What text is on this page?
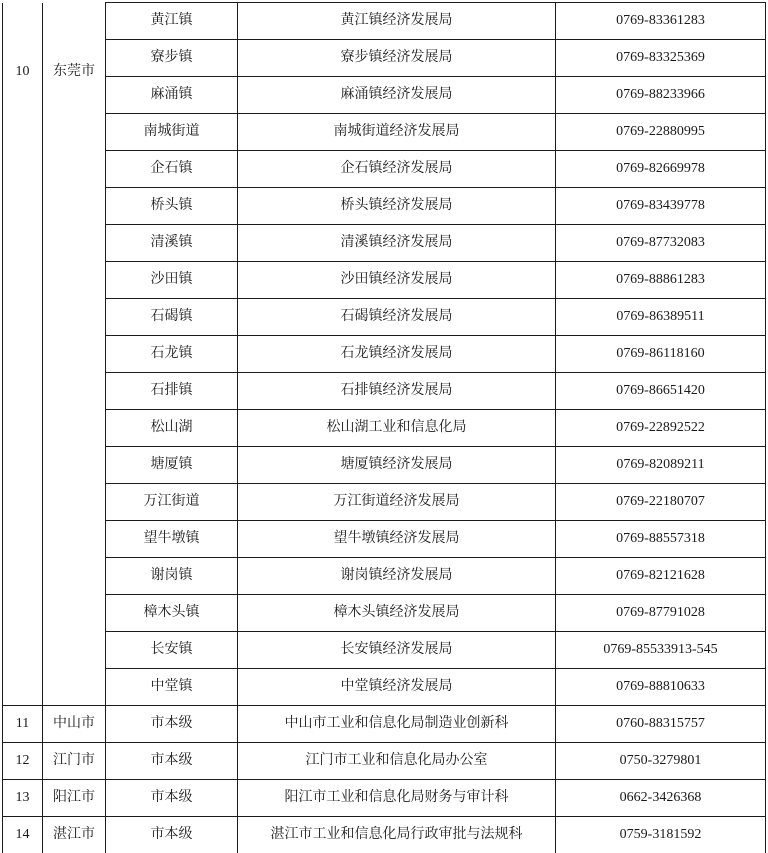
10	东莞市	黄江镇	黄江镇经济发展局	0769-83361283
		寮步镇	寮步镇经济发展局	0769-83325369
		麻涌镇	麻涌镇经济发展局	0769-88233966
		南城街道	南城街道经济发展局	0769-22880995
		企石镇	企石镇经济发展局	0769-82669978
		桥头镇	桥头镇经济发展局	0769-83439778
		清溪镇	清溪镇经济发展局	0769-87732083
		沙田镇	沙田镇经济发展局	0769-88861283
		石碣镇	石碣镇经济发展局	0769-86389511
		石龙镇	石龙镇经济发展局	0769-86118160
		石排镇	石排镇经济发展局	0769-86651420
		松山湖	松山湖工业和信息化局	0769-22892522
		塘厦镇	塘厦镇经济发展局	0769-82089211
		万江街道	万江街道经济发展局	0769-22180707
		望牛墩镇	望牛墩镇经济发展局	0769-88557318
		谢岗镇	谢岗镇经济发展局	0769-82121628
		樟木头镇	樟木头镇经济发展局	0769-87791028
		长安镇	长安镇经济发展局	0769-85533913-545
		中堂镇	中堂镇经济发展局	0769-88810633
11	中山市	市本级	中山市工业和信息化局制造业创新科	0760-88315757
12	江门市	市本级	江门市工业和信息化局办公室	0750-3279801
13	阳江市	市本级	阳江市工业和信息化局财务与审计科	0662-3426368
14	湛江市	市本级	湛江市工业和信息化局行政审批与法规科	0759-3181592
